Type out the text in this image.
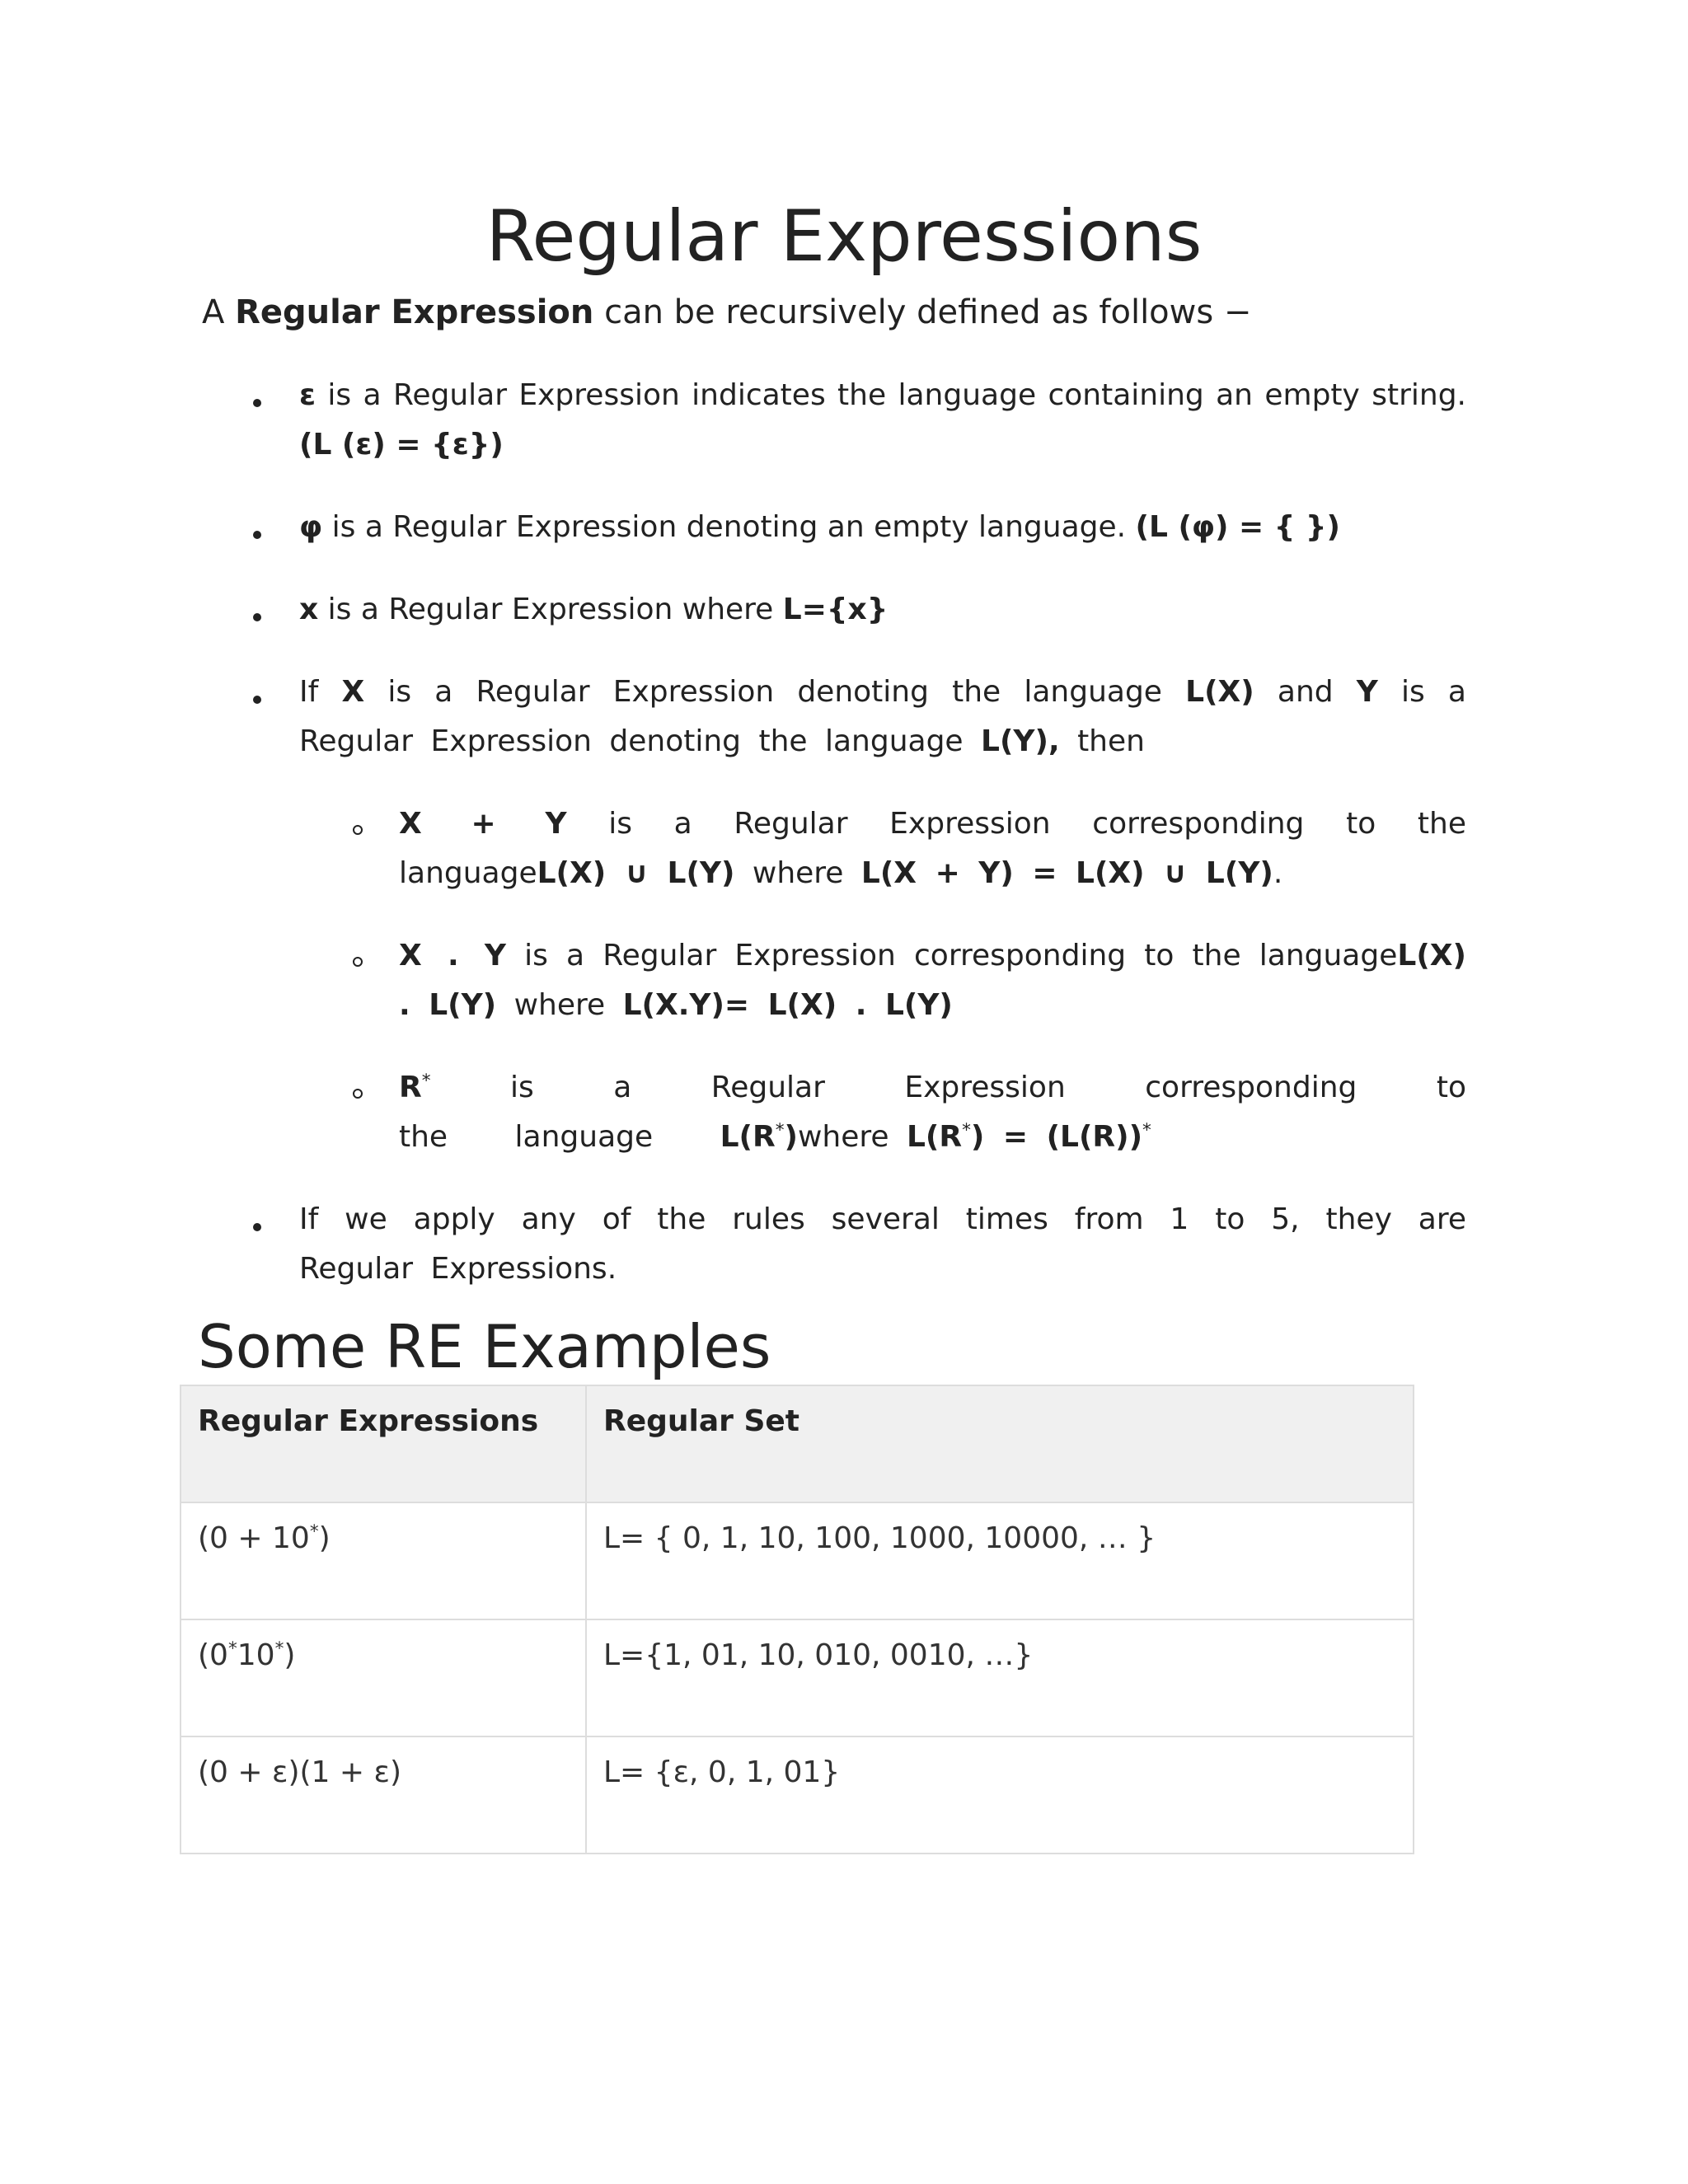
Regular Expressions

A Regular Expression can be recursively defined as follows −

ε is a Regular Expression indicates the language containing an empty string. (L (ε) = {ε})
φ is a Regular Expression denoting an empty language. (L (φ) = { })
x is a Regular Expression where L={x}
If X is a Regular Expression denoting the language L(X) and Y is a Regular Expression denoting the language L(Y), then
X + Y is a Regular Expression corresponding to the languageL(X) ∪ L(Y) where L(X + Y) = L(X) ∪ L(Y).
X . Y is a Regular Expression corresponding to the languageL(X) . L(Y) where L(X.Y)= L(X) . L(Y)
R* is a Regular Expression corresponding to the language L(R*)where L(R*) = (L(R))*
If we apply any of the rules several times from 1 to 5, they are Regular Expressions.
Some RE Examples
Regular Expressions	Regular Set
(0 + 10*)	L= { 0, 1, 10, 100, 1000, 10000, … }
(0*10*)	L={1, 01, 10, 010, 0010, …}
(0 + ε)(1 + ε)	L= {ε, 0, 1, 01}
